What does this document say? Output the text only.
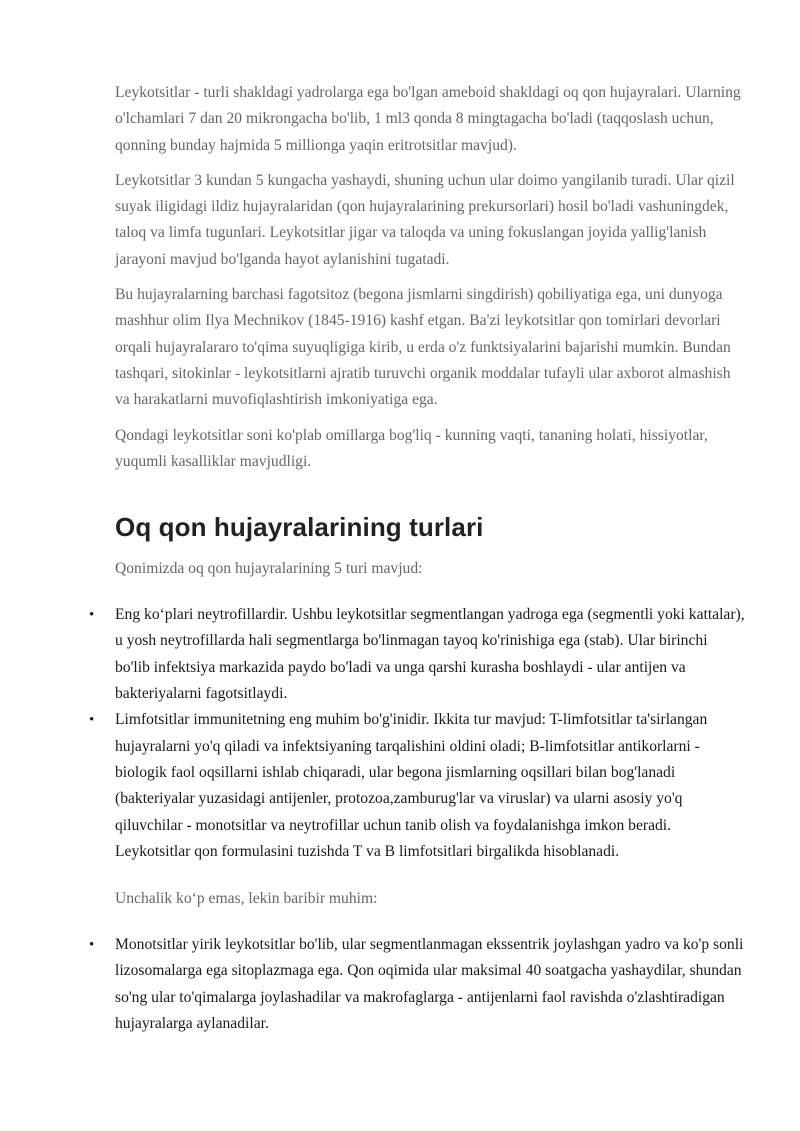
Leykotsitlar - turli shakldagi yadrolarga ega bo'lgan ameboid shakldagi oq qon hujayralari. Ularning o'lchamlari 7 dan 20 mikrongacha bo'lib, 1 ml3 qonda 8 mingtagacha bo'ladi (taqqoslash uchun, qonning bunday hajmida 5 millionga yaqin eritrotsitlar mavjud).

Leykotsitlar 3 kundan 5 kungacha yashaydi, shuning uchun ular doimo yangilanib turadi. Ular qizil suyak iligidagi ildiz hujayralaridan (qon hujayralarining prekursorlari) hosil bo'ladi vashuningdek, taloq va limfa tugunlari. Leykotsitlar jigar va taloqda va uning fokuslangan joyida yallig'lanish jarayoni mavjud bo'lganda hayot aylanishini tugatadi.

Bu hujayralarning barchasi fagotsitoz (begona jismlarni singdirish) qobiliyatiga ega, uni dunyoga mashhur olim Ilya Mechnikov (1845-1916) kashf etgan. Ba'zi leykotsitlar qon tomirlari devorlari orqali hujayralararo to'qima suyuqligiga kirib, u erda o'z funktsiyalarini bajarishi mumkin. Bundan tashqari, sitokinlar - leykotsitlarni ajratib turuvchi organik moddalar tufayli ular axborot almashish va harakatlarni muvofiqlashtirish imkoniyatiga ega.

Qondagi leykotsitlar soni ko'plab omillarga bog'liq - kunning vaqti, tananing holati, hissiyotlar, yuqumli kasalliklar mavjudligi.

Oq qon hujayralarining turlari

Qonimizda oq qon hujayralarining 5 turi mavjud:

• Eng koʻplari neytrofillardir. Ushbu leykotsitlar segmentlangan yadroga ega (segmentli yoki kattalar), u yosh neytrofillarda hali segmentlarga bo'linmagan tayoq ko'rinishiga ega (stab). Ular birinchi bo'lib infektsiya markazida paydo bo'ladi va unga qarshi kurasha boshlaydi - ular antijen va bakteriyalarni fagotsitlaydi.
• Limfotsitlar immunitetning eng muhim bo'g'inidir. Ikkita tur mavjud: T-limfotsitlar ta'sirlangan hujayralarni yo'q qiladi va infektsiyaning tarqalishini oldini oladi; B-limfotsitlar antikorlarni - biologik faol oqsillarni ishlab chiqaradi, ular begona jismlarning oqsillari bilan bog'lanadi (bakteriyalar yuzasidagi antijenler, protozoa,zamburug'lar va viruslar) va ularni asosiy yo'q qiluvchilar - monotsitlar va neytrofillar uchun tanib olish va foydalanishga imkon beradi. Leykotsitlar qon formulasini tuzishda T va B limfotsitlari birgalikda hisoblanadi.

Unchalik koʻp emas, lekin baribir muhim:

• Monotsitlar yirik leykotsitlar bo'lib, ular segmentlanmagan ekssentrik joylashgan yadro va ko'p sonli lizosomalarga ega sitoplazmaga ega. Qon oqimida ular maksimal 40 soatgacha yashaydilar, shundan so'ng ular to'qimalarga joylashadilar va makrofaglarga - antijenlarni faol ravishda o'zlashtiradigan hujayralarga aylanadilar.
